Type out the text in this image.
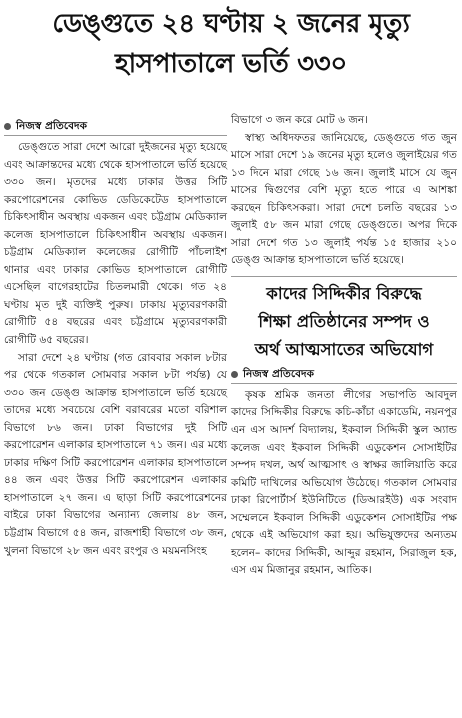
ডেঙ্গুতে ২৪ ঘণ্টায় ২ জনের মৃত্যু
হাসপাতালে ভর্তি ৩৩০
নিজস্ব প্রতিবেদক

ডেঙ্গুতে সারা দেশে আরো দুইজনের মৃত্যু হয়েছে এবং আক্রান্তদের মধ্যে থেকে হাসপাতালে ভর্তি হয়েছে ৩৩০ জন। মৃতদের মধ্যে ঢাকার উত্তর সিটি করপোরেশনের কোভিড ডেডিকেটেড হাসপাতালে চিকিৎসাধীন অবস্থায় একজন এবং চট্টগ্রাম মেডিক্যাল কলেজ হাসপাতালে চিকিৎসাধীন অবস্থায় একজন। চট্টগ্রাম মেডিক্যাল কলেজের রোগীটি পাঁচলাইশ থানার এবং ঢাকার কোভিড হাসপাতালে রোগীটি এসেছিল বাগেরহাটের চিতলমারী থেকে। গত ২৪ ঘণ্টায় মৃত দুই ব্যক্তিই পুরুষ। ঢাকায় মৃত্যুবরণকারী রোগীটি ৫৪ বছরের এবং চট্টগ্রামে মৃত্যুবরণকারী রোগীটি ৬৫ বছরের।

সারা দেশে ২৪ ঘণ্টায় (গত রোববার সকাল ৮টার পর থেকে গতকাল সোমবার সকাল ৮টা পর্যন্ত) যে ৩৩০ জন ডেঙ্গু আক্রান্ত হাসপাতালে ভর্তি হয়েছে তাদের মধ্যে সবচেয়ে বেশি বরাবরের মতো বরিশাল বিভাগে ৮৬ জন। ঢাকা বিভাগের দুই সিটি করপোরেশন এলাকার হাসপাতালে ৭১ জন। এর মধ্যে ঢাকার দক্ষিণ সিটি করপোরেশন এলাকার হাসপাতালে ৪৪ জন এবং উত্তর সিটি করপোরেশন এলাকার হাসপাতালে ২৭ জন। এ ছাড়া সিটি করপোরেশনের বাইরে ঢাকা বিভাগের অন্যান্য জেলায় ৪৮ জন, চট্টগ্রাম বিভাগে ৫৪ জন, রাজশাহী বিভাগে ৩৮ জন, খুলনা বিভাগে ২৮ জন এবং রংপুর ও ময়মনসিংহ

বিভাগে ৩ জন করে মোট ৬ জন।

স্বাস্থ্য অধিদফতর জানিয়েছে, ডেঙ্গুতে গত জুন মাসে সারা দেশে ১৯ জনের মৃত্যু হলেও জুলাইয়ের গত ১৩ দিনে মারা গেছে ১৬ জন। জুলাই মাসে যে জুন মাসের দ্বিগুণের বেশি মৃত্যু হতে পারে এ আশঙ্কা করছেন চিকিৎসকরা। সারা দেশে চলতি বছরের ১৩ জুলাই ৫৮ জন মারা গেছে ডেঙ্গুতে। অপর দিকে সারা দেশে গত ১৩ জুলাই পর্যন্ত ১৫ হাজার ২১০ ডেঙ্গু আক্রান্ত হাসপাতালে ভর্তি হয়েছে।

কাদের সিদ্দিকীর বিরুদ্ধে
শিক্ষা প্রতিষ্ঠানের সম্পদ ও
অর্থ আত্মসাতের অভিযোগ
নিজস্ব প্রতিবেদক

কৃষক শ্রমিক জনতা লীগের সভাপতি আবদুল কাদের সিদ্দিকীর বিরুদ্ধে কচি-কাঁচা একাডেমি, নয়নপুর এন এস আদর্শ বিদ্যালয়, ইকবাল সিদ্দিকী স্কুল অ্যান্ড কলেজ এবং ইকবাল সিদ্দিকী এডুকেশন সোসাইটির সম্পদ দখল, অর্থ আত্মসাৎ ও স্বাক্ষর জালিয়াতি করে কমিটি দাখিলের অভিযোগ উঠেছে। গতকাল সোমবার ঢাকা রিপোর্টার্স ইউনিটিতে (ডিআরইউ) এক সংবাদ সম্মেলনে ইকবাল সিদ্দিকী এডুকেশন সোসাইটির পক্ষ থেকে এই অভিযোগ করা হয়। অভিযুক্তদের অন্যতম হলেন– কাদের সিদ্দিকী, আব্দুর রহমান, সিরাজুল হক, এস এম মিজানুর রহমান, আতিক।
